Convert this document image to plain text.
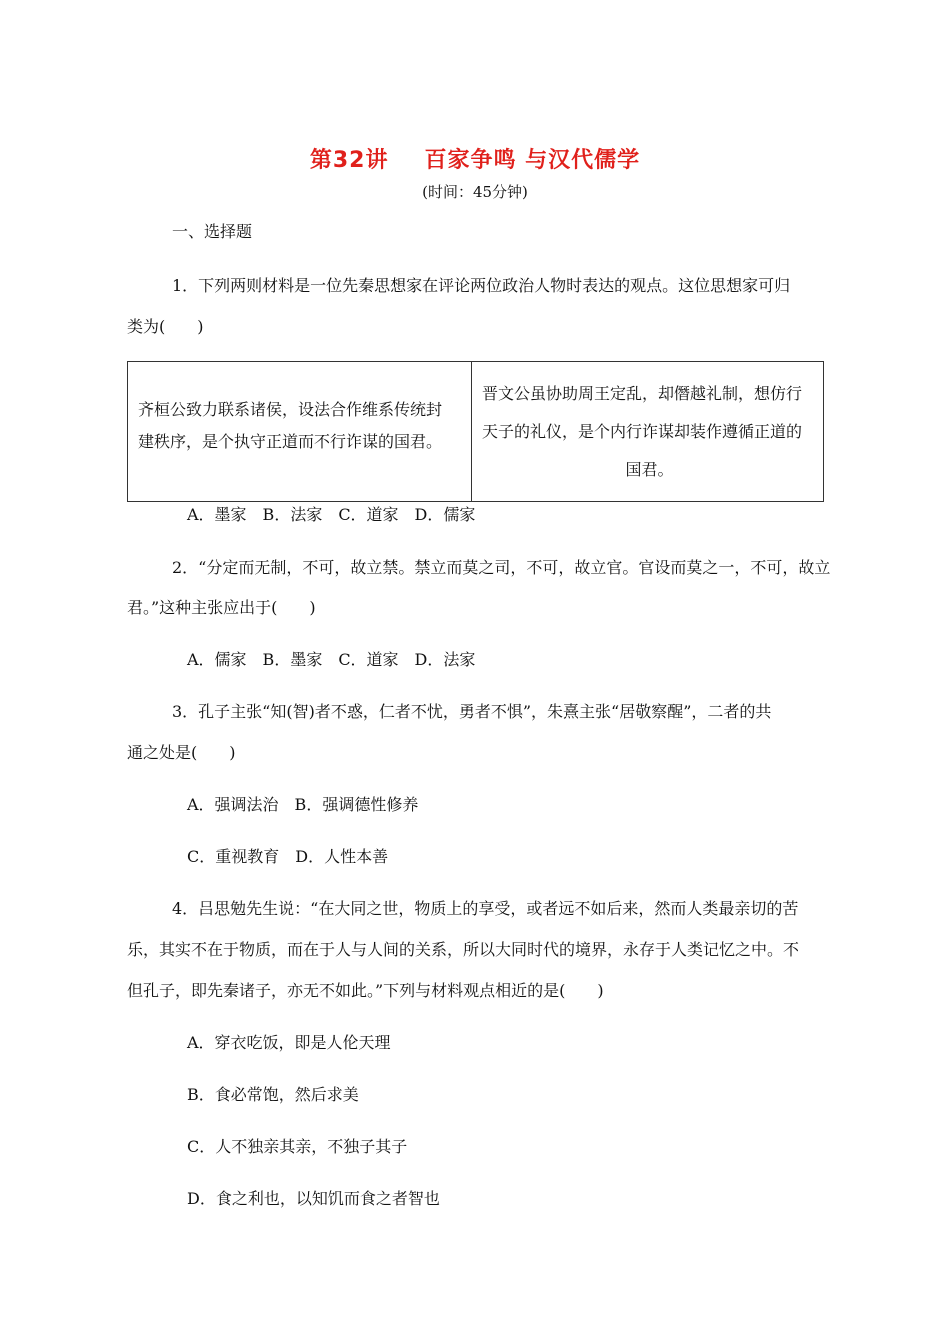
第32讲 百家争鸣 与汉代儒学
(时间：45分钟)
一、选择题
1．下列两则材料是一位先秦思想家在评论两位政治人物时表达的观点。这位思想家可归
类为(　　)
齐桓公致力联系诸侯，设法合作维系传统封
建秩序，是个执守正道而不行诈谋的国君。

晋文公虽协助周王定乱，却僭越礼制，想仿行
天子的礼仪，是个内行诈谋却装作遵循正道的
国君。
A．墨家　B．法家　C．道家　D．儒家
2．“分定而无制，不可，故立禁。禁立而莫之司，不可，故立官。官设而莫之一，不可，故立
君。”这种主张应出于(　　)
A．儒家　B．墨家　C．道家　D．法家
3．孔子主张“知(智)者不惑，仁者不忧，勇者不惧”，朱熹主张“居敬察醒”，二者的共
通之处是(　　)
A．强调法治　B．强调德性修养
C．重视教育　D．人性本善
4．吕思勉先生说：“在大同之世，物质上的享受，或者远不如后来，然而人类最亲切的苦
乐，其实不在于物质，而在于人与人间的关系，所以大同时代的境界，永存于人类记忆之中。不
但孔子，即先秦诸子，亦无不如此。”下列与材料观点相近的是(　　)
A．穿衣吃饭，即是人伦天理
B．食必常饱，然后求美
C．人不独亲其亲，不独子其子
D．食之利也，以知饥而食之者智也
